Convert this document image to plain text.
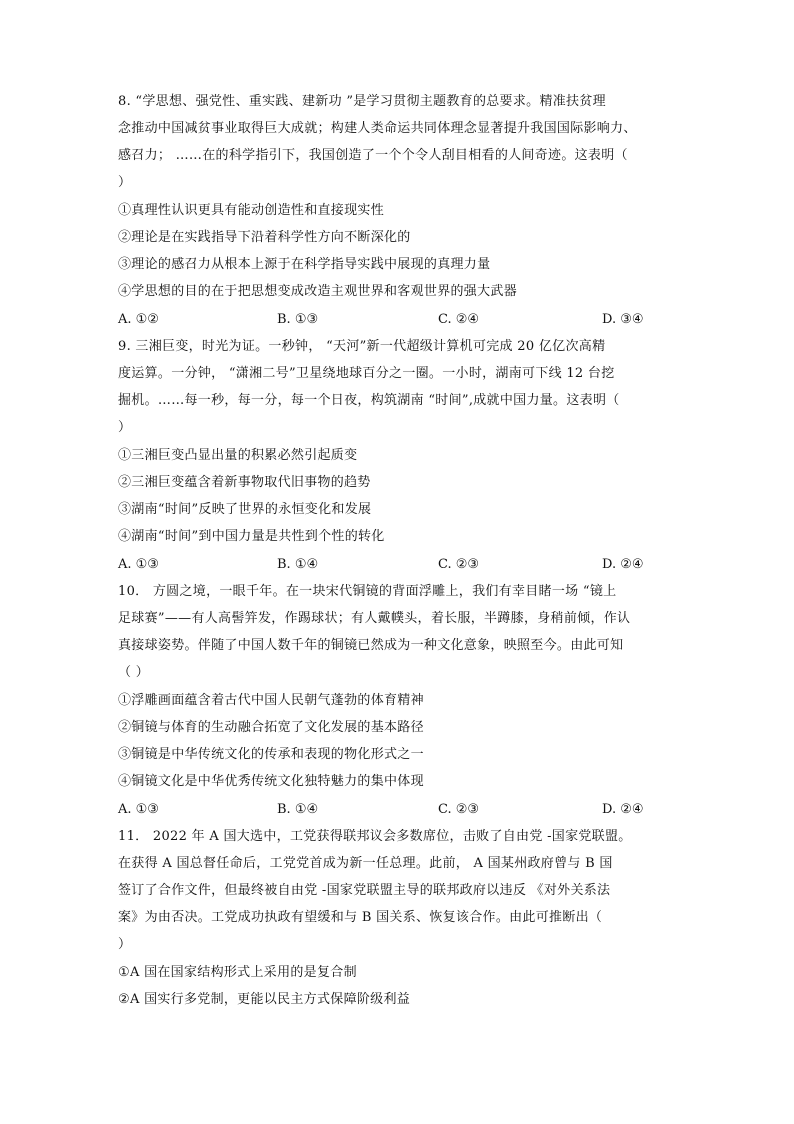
8. “学思想、强党性、重实践、建新功 ”是学习贯彻主题教育的总要求。精准扶贫理
念推动中国减贫事业取得巨大成就；构建人类命运共同体理念显著提升我国国际影响力、
感召力； ……在的科学指引下，我国创造了一个个令人刮目相看的人间奇迹。这表明（
）
①真理性认识更具有能动创造性和直接现实性
②理论是在实践指导下沿着科学性方向不断深化的
③理论的感召力从根本上源于在科学指导实践中展现的真理力量
④学思想的目的在于把思想变成改造主观世界和客观世界的强大武器
A. ①②	B. ①③	C. ②④	D. ③④
9. 三湘巨变，时光为证。一秒钟， “天河”新一代超级计算机可完成 20 亿亿次高精
度运算。一分钟， “潇湘二号”卫星绕地球百分之一圈。一小时，湖南可下线 12 台挖
掘机。……每一秒，每一分，每一个日夜，构筑湖南 “时间”,成就中国力量。这表明（
）
①三湘巨变凸显出量的积累必然引起质变
②三湘巨变蕴含着新事物取代旧事物的趋势
③湖南“时间”反映了世界的永恒变化和发展
④湖南“时间”到中国力量是共性到个性的转化
A. ①③	B. ①④	C. ②③	D. ②④
10． 方圆之境，一眼千年。在一块宋代铜镜的背面浮雕上，我们有幸目睹一场 “镜上
足球赛”——有人高髻笄发，作踢球状；有人戴幞头，着长服，半蹲膝，身稍前倾，作认
真接球姿势。伴随了中国人数千年的铜镜已然成为一种文化意象，映照至今。由此可知
（ ）
①浮雕画面蕴含着古代中国人民朝气蓬勃的体育精神
②铜镜与体育的生动融合拓宽了文化发展的基本路径
③铜镜是中华传统文化的传承和表现的物化形式之一
④铜镜文化是中华优秀传统文化独特魅力的集中体现
A. ①③	B. ①④	C. ②③	D. ②④
11． 2022 年 A 国大选中，工党获得联邦议会多数席位，击败了自由党 -国家党联盟。
在获得 A 国总督任命后，工党党首成为新一任总理。此前， A 国某州政府曾与 B 国
签订了合作文件，但最终被自由党 -国家党联盟主导的联邦政府以违反 《对外关系法
案》为由否决。工党成功执政有望缓和与 B 国关系、恢复该合作。由此可推断出（
）
①A 国在国家结构形式上采用的是复合制
②A 国实行多党制，更能以民主方式保障阶级利益
